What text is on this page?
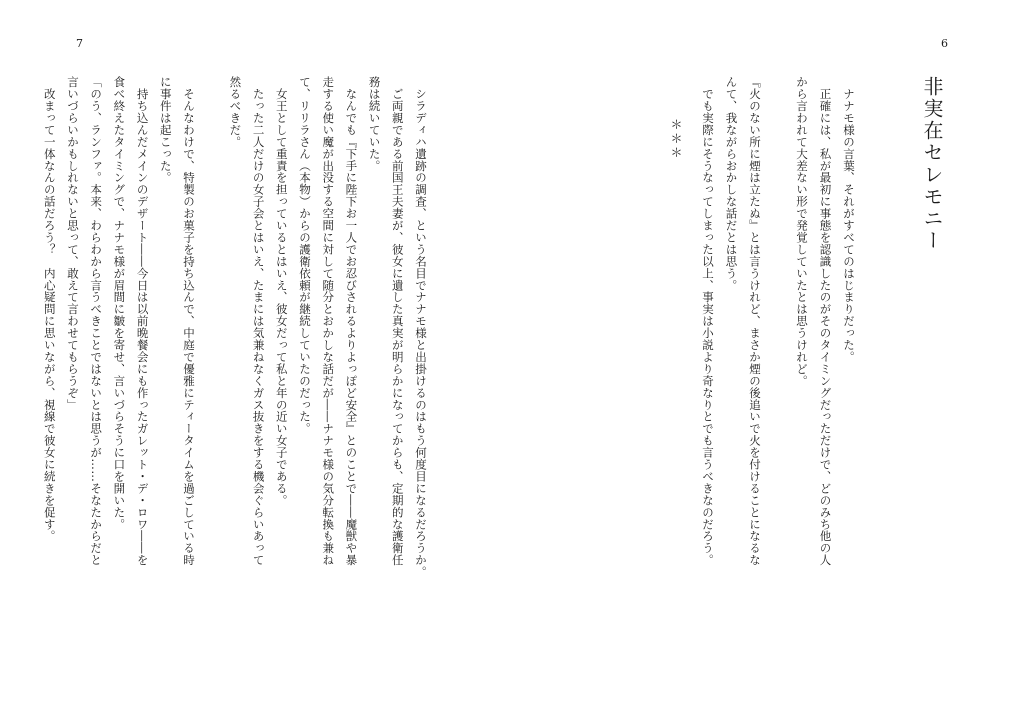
7	6
非実在セレモニー
　ナナモ様の言葉、それがすべてのはじまりだった。
　正確には、私が最初に事態を認識したのがそのタイミングだっただけで、どのみち他の人
から言われて大差ない形で発覚していたとは思うけれど。
『火のない所に煙は立たぬ』とは言うけれど、まさか煙の後追いで火を付けることになるな
んて、我ながらおかしな話だとは思う。
　でも実際にそうなってしまった以上、事実は小説より奇なりとでも言うべきなのだろう。
＊＊＊
　シラディハ遺跡の調査、という名目でナナモ様と出掛けるのはもう何度目になるだろうか。
　ご両親である前国王夫妻が、彼女に遺した真実が明らかになってからも、定期的な護衛任
務は続いていた。
　なんでも『下手に陛下お一人でお忍びされるよりよっぽど安全』とのことで――魔獣や暴
走する使い魔が出没する空間に対して随分とおかしな話だが――ナナモ様の気分転換も兼ね
て、リリラさん（本物）からの護衛依頼が継続していたのだった。
　女王として重責を担っているとはいえ、彼女だって私と年の近い女子である。
　たった二人だけの女子会とはいえ、たまには気兼ねなくガス抜きをする機会ぐらいあって
然るべきだ。
　そんなわけで、特製のお菓子を持ち込んで、中庭で優雅にティータイムを過ごしている時
に事件は起こった。
　持ち込んだメインのデザート――今日は以前晩餐会にも作ったガレット・デ・ロワ――を
食べ終えたタイミングで、ナナモ様が眉間に皺を寄せ、言いづらそうに口を開いた。
「のう、ランファ。本来、わらわから言うべきことではないとは思うが……そなたからだと
言いづらいかもしれないと思って、敢えて言わせてもらうぞ」
　改まって一体なんの話だろう？　内心疑問に思いながら、視線で彼女に続きを促す。
